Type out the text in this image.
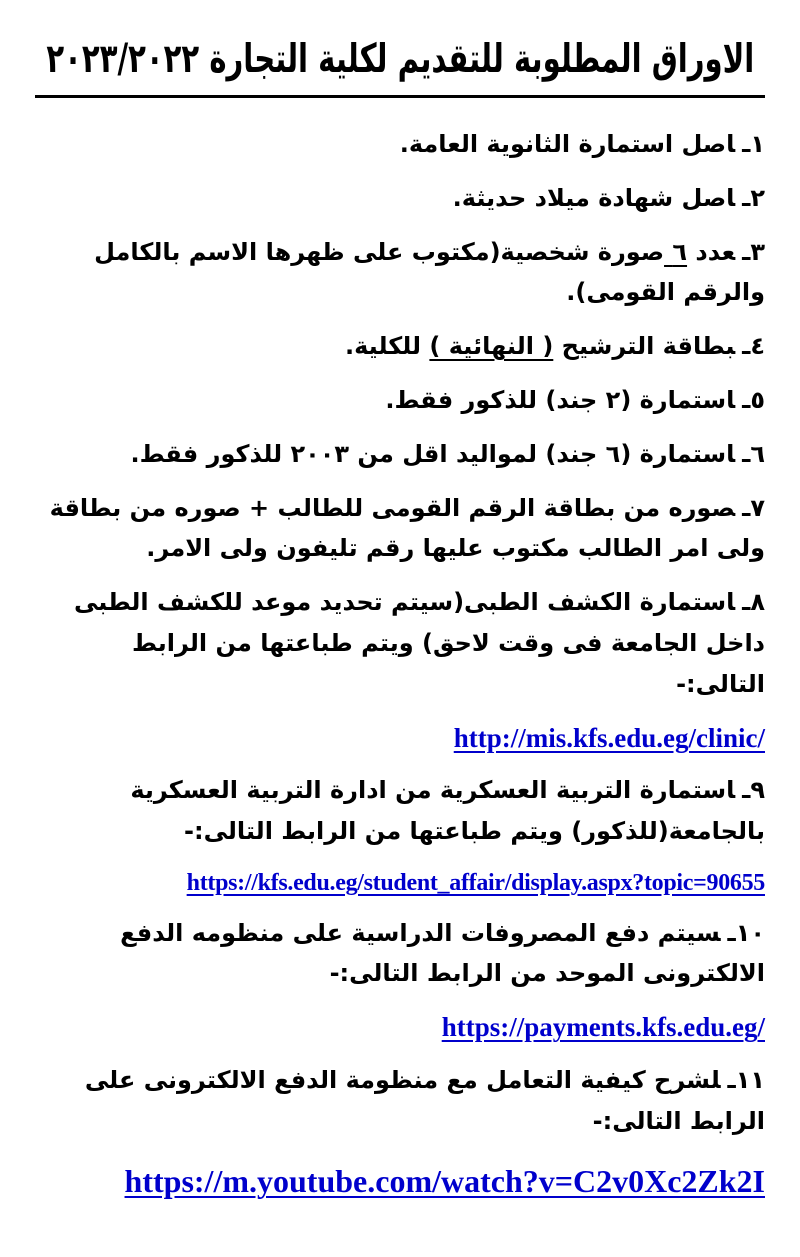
الاوراق المطلوبة للتقديم لكلية التجارة ٢٠٢٣/٢٠٢٢

١ـاصل استمارة الثانوية العامة.

٢ـاصل شهادة ميلاد حديثة.

٣ـعدد ٦ صورة شخصية(مكتوب على ظهرها الاسم بالكامل والرقم القومى).

٤ـبطاقة الترشيح ( النهائية ) للكلية.

٥ـاستمارة (٢ جند) للذكور فقط.

٦ـاستمارة (٦ جند) لمواليد اقل من ٢٠٠٣ للذكور فقط.

٧ـصوره من بطاقة الرقم القومى للطالب + صوره من بطاقة ولى امر الطالب مكتوب عليها رقم تليفون ولى الامر.

٨ـاستمارة الكشف الطبى(سيتم تحديد موعد للكشف الطبى داخل الجامعة فى وقت لاحق) ويتم طباعتها من الرابط التالى:-

http://mis.kfs.edu.eg/clinic/

٩ـاستمارة التربية العسكرية من ادارة التربية العسكرية بالجامعة(للذكور) ويتم طباعتها من الرابط التالى:-

https://kfs.edu.eg/student_affair/display.aspx?topic=90655

١٠ـسيتم دفع المصروفات الدراسية على منظومه الدفع الالكترونى الموحد من الرابط التالى:-

https://payments.kfs.edu.eg/

١١ـلشرح كيفية التعامل مع منظومة الدفع الالكترونى على الرابط التالى:-

https://m.youtube.com/watch?v=C2v0Xc2Zk2I
